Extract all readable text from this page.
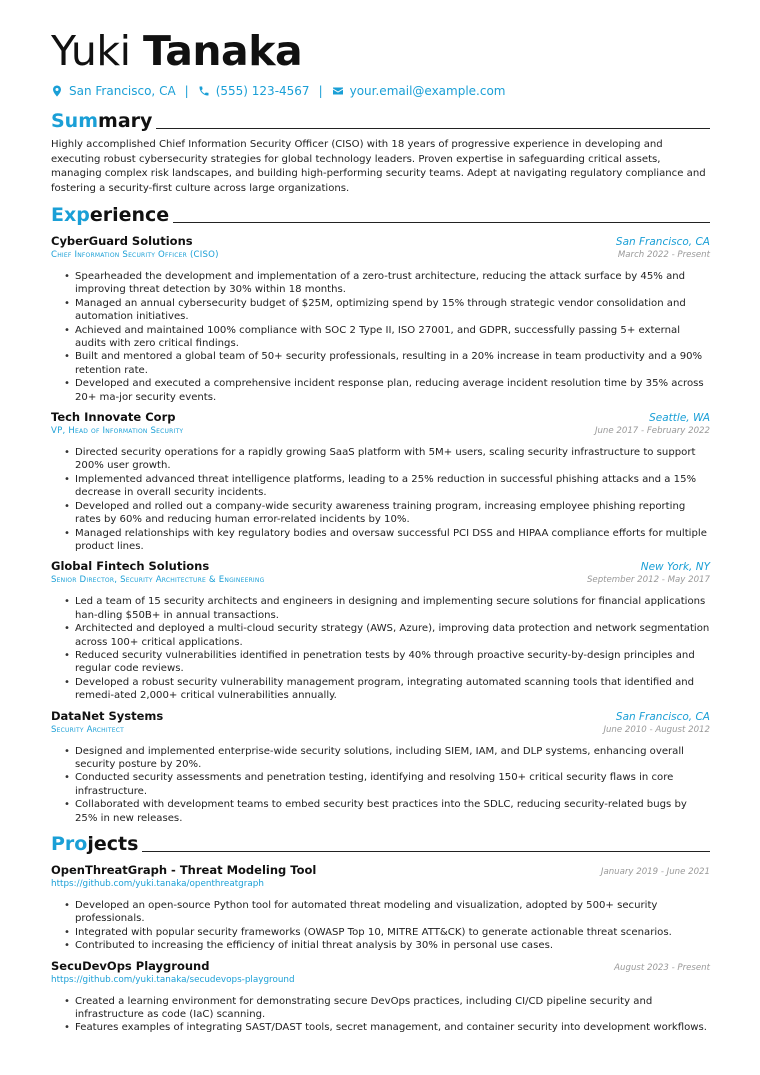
Yuki Tanaka
San Francisco, CA | (555) 123-4567 | your.email@example.com
Summary

Highly accomplished Chief Information Security Officer (CISO) with 18 years of progressive experience in developing and executing robust cybersecurity strategies for global technology leaders. Proven expertise in safeguarding critical assets, managing complex risk landscapes, and building high-performing security teams. Adept at navigating regulatory compliance and fostering a security-first culture across large organizations.

Experience
CyberGuard Solutions	San Francisco, CA
Chief Information Security Officer (CISO)	March 2022 - Present
• Spearheaded the development and implementation of a zero-trust architecture, reducing the attack surface by 45% and improving threat detection by 30% within 18 months.
• Managed an annual cybersecurity budget of $25M, optimizing spend by 15% through strategic vendor consolidation and automation initiatives.
• Achieved and maintained 100% compliance with SOC 2 Type II, ISO 27001, and GDPR, successfully passing 5+ external audits with zero critical findings.
• Built and mentored a global team of 50+ security professionals, resulting in a 20% increase in team productivity and a 90% retention rate.
• Developed and executed a comprehensive incident response plan, reducing average incident resolution time by 35% across 20+ ma-jor security events.
Tech Innovate Corp	Seattle, WA
VP, Head of Information Security	June 2017 - February 2022
• Directed security operations for a rapidly growing SaaS platform with 5M+ users, scaling security infrastructure to support 200% user growth.
• Implemented advanced threat intelligence platforms, leading to a 25% reduction in successful phishing attacks and a 15% decrease in overall security incidents.
• Developed and rolled out a company-wide security awareness training program, increasing employee phishing reporting rates by 60% and reducing human error-related incidents by 10%.
• Managed relationships with key regulatory bodies and oversaw successful PCI DSS and HIPAA compliance efforts for multiple product lines.
Global Fintech Solutions	New York, NY
Senior Director, Security Architecture & Engineering	September 2012 - May 2017
• Led a team of 15 security architects and engineers in designing and implementing secure solutions for financial applications han-dling $50B+ in annual transactions.
• Architected and deployed a multi-cloud security strategy (AWS, Azure), improving data protection and network segmentation across 100+ critical applications.
• Reduced security vulnerabilities identified in penetration tests by 40% through proactive security-by-design principles and regular code reviews.
• Developed a robust security vulnerability management program, integrating automated scanning tools that identified and remedi-ated 2,000+ critical vulnerabilities annually.
DataNet Systems	San Francisco, CA
Security Architect	June 2010 - August 2012
• Designed and implemented enterprise-wide security solutions, including SIEM, IAM, and DLP systems, enhancing overall security posture by 20%.
• Conducted security assessments and penetration testing, identifying and resolving 150+ critical security flaws in core infrastructure.
• Collaborated with development teams to embed security best practices into the SDLC, reducing security-related bugs by 25% in new releases.
Projects
OpenThreatGraph - Threat Modeling Tool	January 2019 - June 2021
https://github.com/yuki.tanaka/openthreatgraph
• Developed an open-source Python tool for automated threat modeling and visualization, adopted by 500+ security professionals.
• Integrated with popular security frameworks (OWASP Top 10, MITRE ATT&CK) to generate actionable threat scenarios.
• Contributed to increasing the efficiency of initial threat analysis by 30% in personal use cases.
SecuDevOps Playground	August 2023 - Present
https://github.com/yuki.tanaka/secudevops-playground
• Created a learning environment for demonstrating secure DevOps practices, including CI/CD pipeline security and infrastructure as code (IaC) scanning.
• Features examples of integrating SAST/DAST tools, secret management, and container security into development workflows.
